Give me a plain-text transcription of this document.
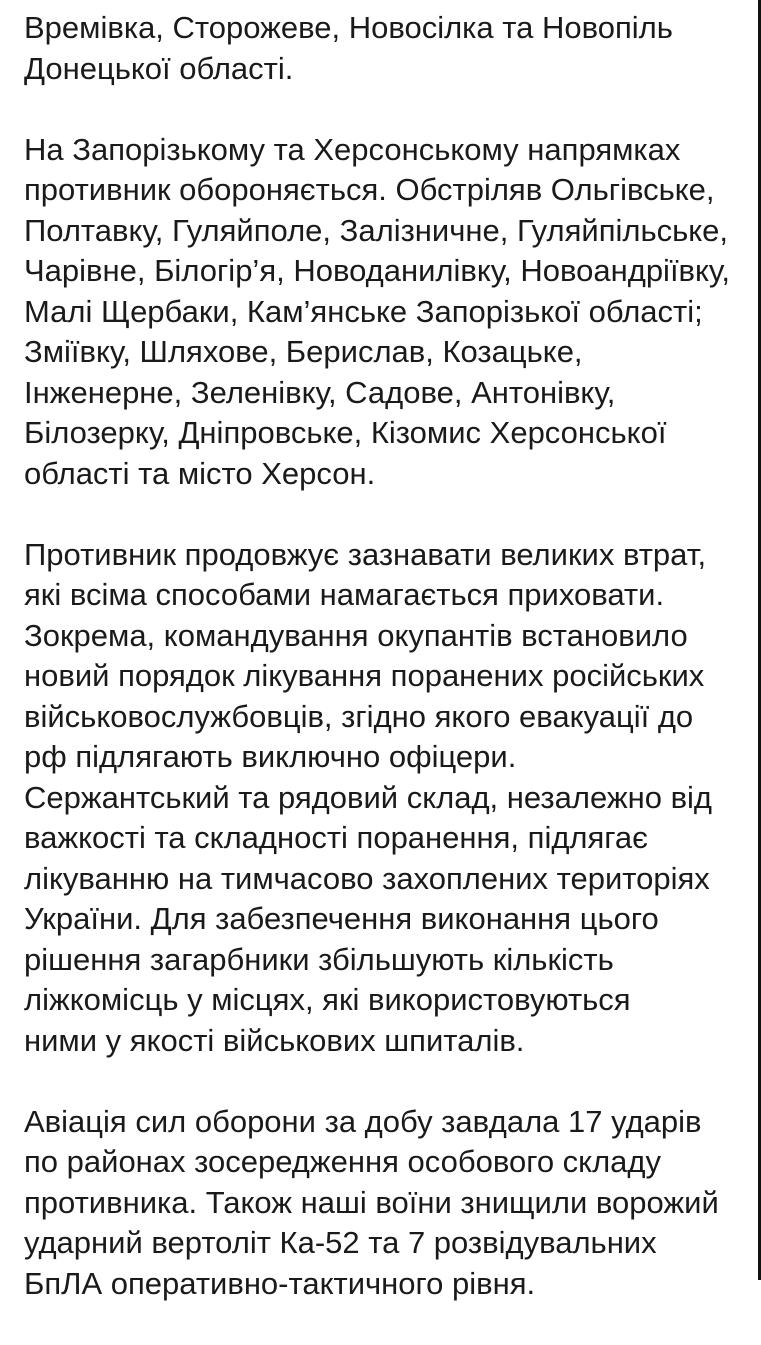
Времівка, Сторожеве, Новосілка та Новопіль
Донецької області.

На Запорізькому та Херсонському напрямках
противник обороняється. Обстріляв Ольгівське,
Полтавку, Гуляйполе, Залізничне, Гуляйпільське,
Чарівне, Білогір’я, Новоданилівку, Новоандріївку,
Малі Щербаки, Кам’янське Запорізької області;
Зміївку, Шляхове, Берислав, Козацьке,
Інженерне, Зеленівку, Садове, Антонівку,
Білозерку, Дніпровське, Кізомис Херсонської
області та місто Херсон.

Противник продовжує зазнавати великих втрат,
які всіма способами намагається приховати.
Зокрема, командування окупантів встановило
новий порядок лікування поранених російських
військовослужбовців, згідно якого евакуації до
рф підлягають виключно офіцери.
Сержантський та рядовий склад, незалежно від
важкості та складності поранення, підлягає
лікуванню на тимчасово захоплених територіях
України. Для забезпечення виконання цього
рішення загарбники збільшують кількість
ліжкомісць у місцях, які використовуються
ними у якості військових шпиталів.

Авіація сил оборони за добу завдала 17 ударів
по районах зосередження особового складу
противника. Також наші воїни знищили ворожий
ударний вертоліт Ка-52 та 7 розвідувальних
БпЛА оперативно-тактичного рівня.
